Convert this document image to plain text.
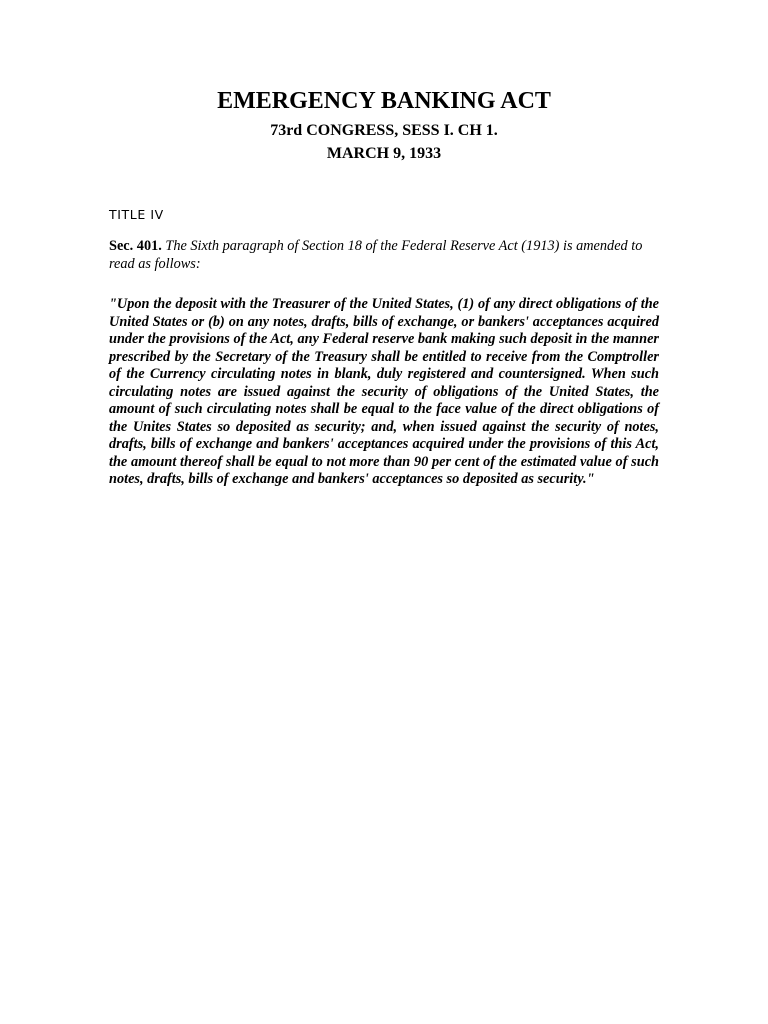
EMERGENCY BANKING ACT
73rd CONGRESS, SESS I. CH 1.
MARCH 9, 1933
TITLE IV

Sec. 401. The Sixth paragraph of Section 18 of the Federal Reserve Act (1913) is amended to read as follows:

"Upon the deposit with the Treasurer of the United States, (1) of any direct obligations of the United States or (b) on any notes, drafts, bills of exchange, or bankers' acceptances acquired under the provisions of the Act, any Federal reserve bank making such deposit in the manner prescribed by the Secretary of the Treasury shall be entitled to receive from the Comptroller of the Currency circulating notes in blank, duly registered and countersigned. When such circulating notes are issued against the security of obligations of the United States, the amount of such circulating notes shall be equal to the face value of the direct obligations of the Unites States so deposited as security; and, when issued against the security of notes, drafts, bills of exchange and bankers' acceptances acquired under the provisions of this Act, the amount thereof shall be equal to not more than 90 per cent of the estimated value of such notes, drafts, bills of exchange and bankers' acceptances so deposited as security."
